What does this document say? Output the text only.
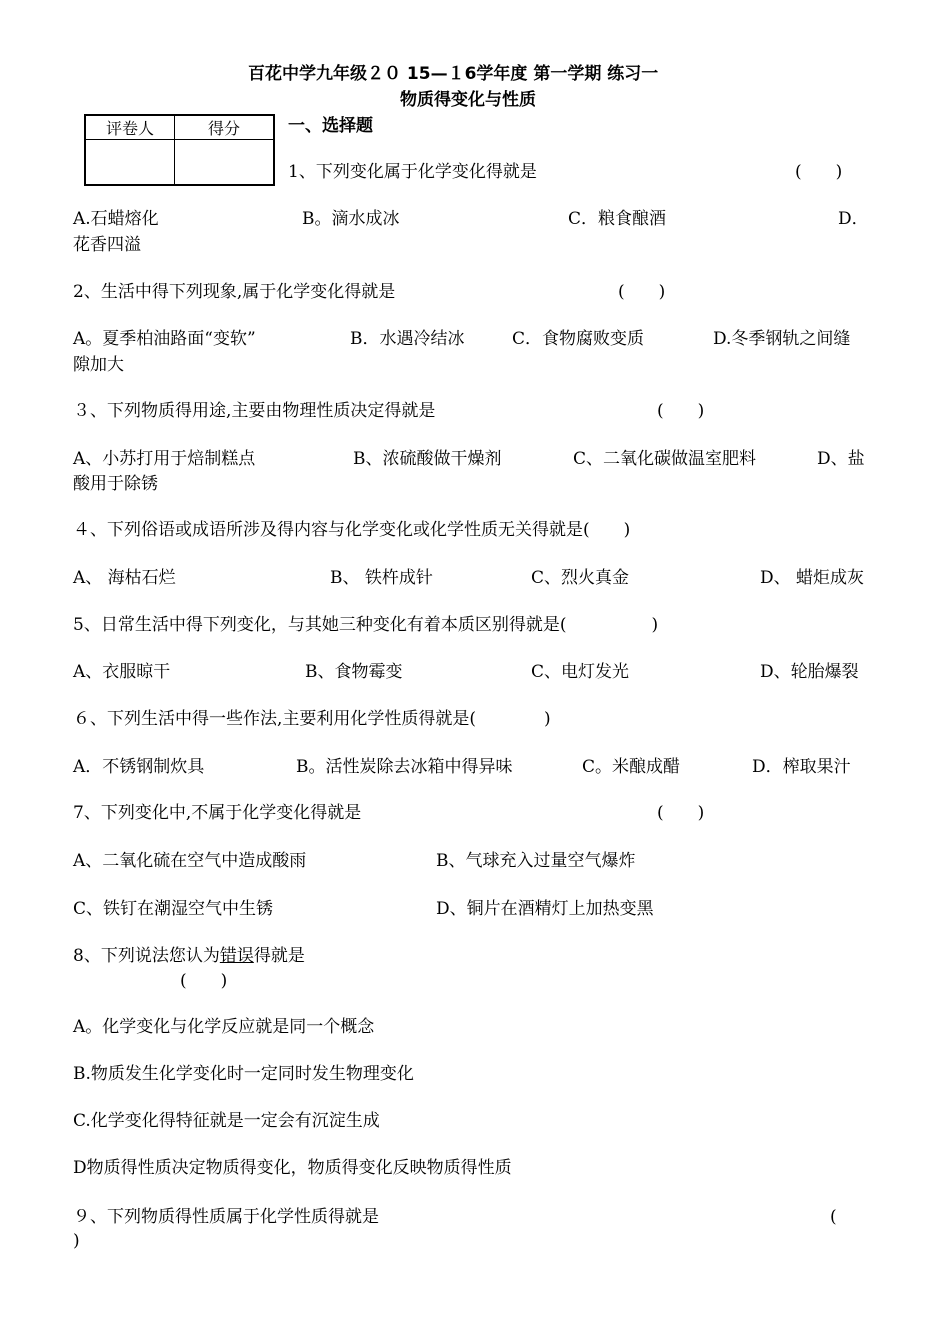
百花中学九年级２０ 15—１6学年度 第一学期 练习一
物质得变化与性质
评卷人	得分
		一、选择题
1、下列变化属于化学变化得就是	(　　)
A.石蜡熔化	B。滴水成冰	C．粮食酿酒	D．
花香四溢
2、生活中得下列现象,属于化学变化得就是	(　　)
A。夏季柏油路面“变软”	B．水遇冷结冰	C．食物腐败变质	D.冬季钢轨之间缝
隙加大
３、下列物质得用途,主要由物理性质决定得就是	(　　)
A、小苏打用于焙制糕点	B、浓硫酸做干燥剂	C、二氧化碳做温室肥料	D、盐
酸用于除锈
４、下列俗语或成语所涉及得内容与化学变化或化学性质无关得就是(　　)
A、 海枯石烂	B、 铁杵成针	C、烈火真金	D、 蜡炬成灰
5、日常生活中得下列变化，与其她三种变化有着本质区别得就是(　　　　　)
A、衣服晾干	B、食物霉变	C、电灯发光	D、轮胎爆裂
６、下列生活中得一些作法,主要利用化学性质得就是(　　　　)
A．不锈钢制炊具	B。活性炭除去冰箱中得异味	C。米酿成醋	D．榨取果汁
7、下列变化中,不属于化学变化得就是	(　　)
A、二氧化硫在空气中造成酸雨	B、气球充入过量空气爆炸
C、铁钉在潮湿空气中生锈	D、铜片在酒精灯上加热变黑
8、下列说法您认为错误得就是
(　　)
A。化学变化与化学反应就是同一个概念
B.物质发生化学变化时一定同时发生物理变化
C.化学变化得特征就是一定会有沉淀生成
D物质得性质决定物质得变化，物质得变化反映物质得性质
９、下列物质得性质属于化学性质得就是	(
)
